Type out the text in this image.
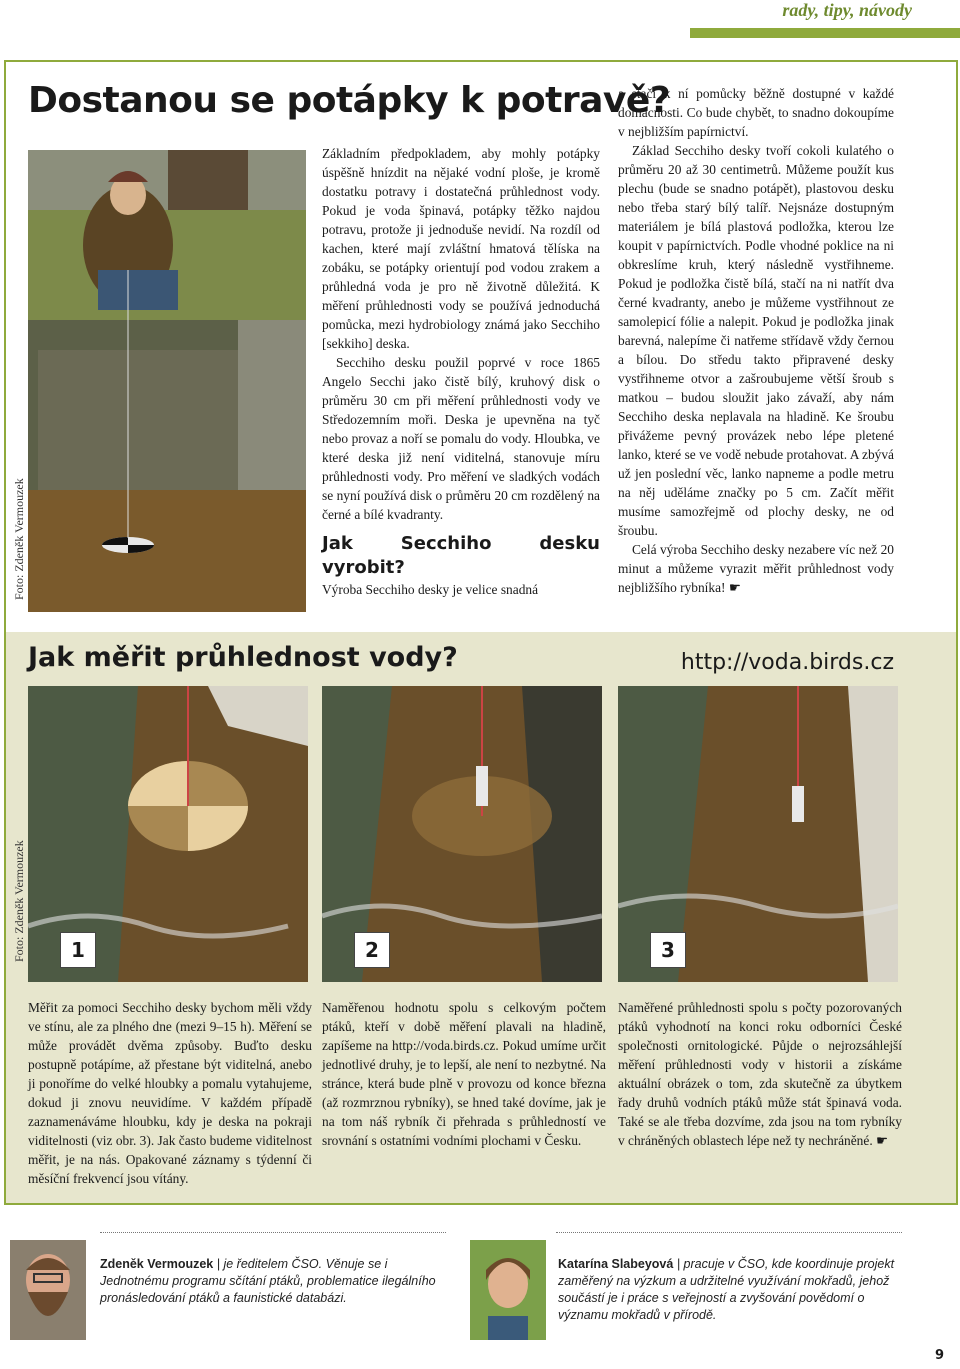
rady, tipy, návody
Dostanou se potápky k potravě?
Foto: Zdeněk Vermouzek

Základním předpokladem, aby mohly potápky úspěšně hnízdit na nějaké vodní ploše, je kromě dostatku potravy i dostatečná průhlednost vody. Pokud je voda špinavá, potápky těžko najdou potravu, protože ji jednoduše nevidí. Na rozdíl od kachen, které mají zvláštní hmatová tělíska na zobáku, se potápky orientují pod vodou zrakem a průhledná voda je pro ně životně důležitá. K měření průhlednosti vody se používá jednoduchá pomůcka, mezi hydrobiology známá jako Secchiho [sekkiho] deska.

Secchiho desku použil poprvé v roce 1865 Angelo Secchi jako čistě bílý, kruhový disk o průměru 30 cm při měření průhlednosti vody ve Středozemním moři. Deska je upevněna na tyč nebo provaz a noří se pomalu do vody. Hloubka, ve které deska již není viditelná, stanovuje míru průhlednosti vody. Pro měření ve sladkých vodách se nyní používá disk o průměru 20 cm rozdělený na černé a bílé kvadranty.

Jak Secchiho desku vyrobit?

Výroba Secchiho desky je velice snadná

a stačí k ní pomůcky běžně dostupné v každé domácnosti. Co bude chybět, to snadno dokoupíme v nejbližším papírnictví.

Základ Secchiho desky tvoří cokoli kulatého o průměru 20 až 30 centimetrů. Můžeme použít kus plechu (bude se snadno potápět), plastovou desku nebo třeba starý bílý talíř. Nejsnáze dostupným materiálem je bílá plastová podložka, kterou lze koupit v papírnictvích. Podle vhodné poklice na ni obkreslíme kruh, který následně vystřihneme. Pokud je podložka čistě bílá, stačí na ni natřít dva černé kvadranty, anebo je můžeme vystřihnout ze samolepicí fólie a nalepit. Pokud je podložka jinak barevná, nalepíme či natřeme střídavě vždy černou a bílou. Do středu takto připravené desky vystřihneme otvor a zašroubujeme větší šroub s matkou – budou sloužit jako závaží, aby nám Secchiho deska neplavala na hladině. Ke šroubu přivážeme pevný provázek nebo lépe pletené lanko, které se ve vodě nebude protahovat. A zbývá už jen poslední věc, lanko napneme a podle metru na něj uděláme značky po 5 cm. Začít měřit musíme samozřejmě od plochy desky, ne od šroubu.

Celá výroba Secchiho desky nezabere víc než 20 minut a můžeme vyrazit měřit průhlednost vody nejbližšího rybníka! ☛

Jak měřit průhlednost vody?	http://voda.birds.cz
Foto: Zdeněk Vermouzek	1	2	3
Měřit za pomoci Secchiho desky bychom měli vždy ve stínu, ale za plného dne (mezi 9–15 h). Měření se může provádět dvěma způsoby. Buďto desku postupně potápíme, až přestane být viditelná, anebo ji ponoříme do velké hloubky a pomalu vytahujeme, dokud ji znovu neuvidíme. V každém případě zaznamenáváme hloubku, kdy je deska na pokraji viditelnosti (viz obr. 3). Jak často budeme viditelnost měřit, je na nás. Opakované záznamy s týdenní či měsíční frekvencí jsou vítány.
Naměřenou hodnotu spolu s celkovým počtem ptáků, kteří v době měření plavali na hladině, zapíšeme na http://voda.birds.cz. Pokud umíme určit jednotlivé druhy, je to lepší, ale není to nezbytné. Na stránce, která bude plně v provozu od konce března (až rozmrznou rybníky), se hned také dovíme, jak je na tom náš rybník či přehrada s průhledností ve srovnání s ostatními vodními plochami v Česku.
Naměřené průhlednosti spolu s počty pozorovaných ptáků vyhodnotí na konci roku odborníci České společnosti ornitologické. Půjde o nejrozsáhlejší měření průhlednosti vody v historii a získáme aktuální obrázek o tom, zda skutečně za úbytkem řady druhů vodních ptáků může stát špinavá voda. Také se ale třeba dozvíme, zda jsou na tom rybníky v chráněných oblastech lépe než ty nechráněné. ☛
Zdeněk Vermouzek | je ředitelem ČSO. Věnuje se i Jednotnému programu sčítání ptáků, problematice ilegálního pronásledování ptáků a faunistické databázi.
Katarína Slabeyová | pracuje v ČSO, kde koordinuje projekt zaměřený na výzkum a udržitelné využívání mokřadů, jehož součástí je i práce s veřejností a zvyšování povědomí o významu mokřadů v přírodě.
9
